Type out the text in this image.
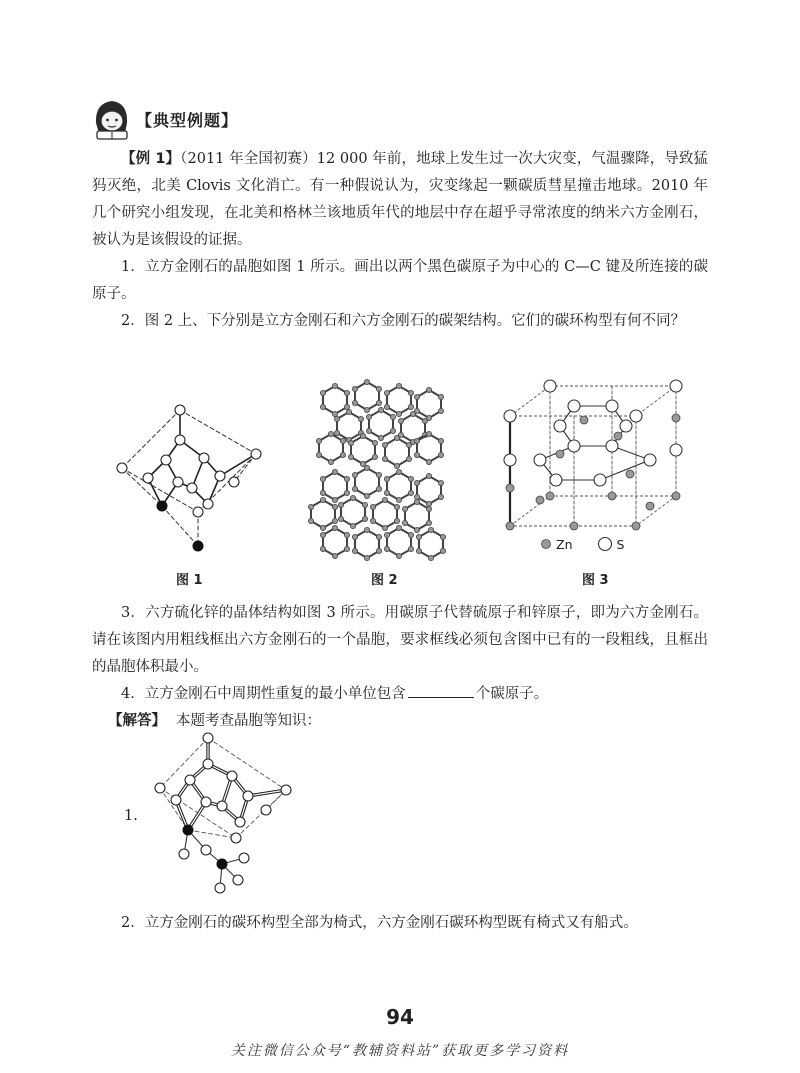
【典型例题】

【例 1】（2011 年全国初赛）12 000 年前，地球上发生过一次大灾变，气温骤降，导致猛犸灭绝，北美 Clovis 文化消亡。有一种假说认为，灾变缘起一颗碳质彗星撞击地球。2010 年几个研究小组发现，在北美和格林兰该地质年代的地层中存在超乎寻常浓度的纳米六方金刚石，被认为是该假设的证据。

1．立方金刚石的晶胞如图 1 所示。画出以两个黑色碳原子为中心的 C—C 键及所连接的碳原子。

2．图 2 上、下分别是立方金刚石和六方金刚石的碳架结构。它们的碳环构型有何不同？

Zn	S
图 1	图 2	图 3

3．六方硫化锌的晶体结构如图 3 所示。用碳原子代替硫原子和锌原子，即为六方金刚石。请在该图内用粗线框出六方金刚石的一个晶胞，要求框线必须包含图中已有的一段粗线，且框出的晶胞体积最小。

4．立方金刚石中周期性重复的最小单位包含	个碳原子。

【解答】 本题考查晶胞等知识：

1.

2．立方金刚石的碳环构型全部为椅式，六方金刚石碳环构型既有椅式又有船式。

94
关注微信公众号“教辅资料站”获取更多学习资料
